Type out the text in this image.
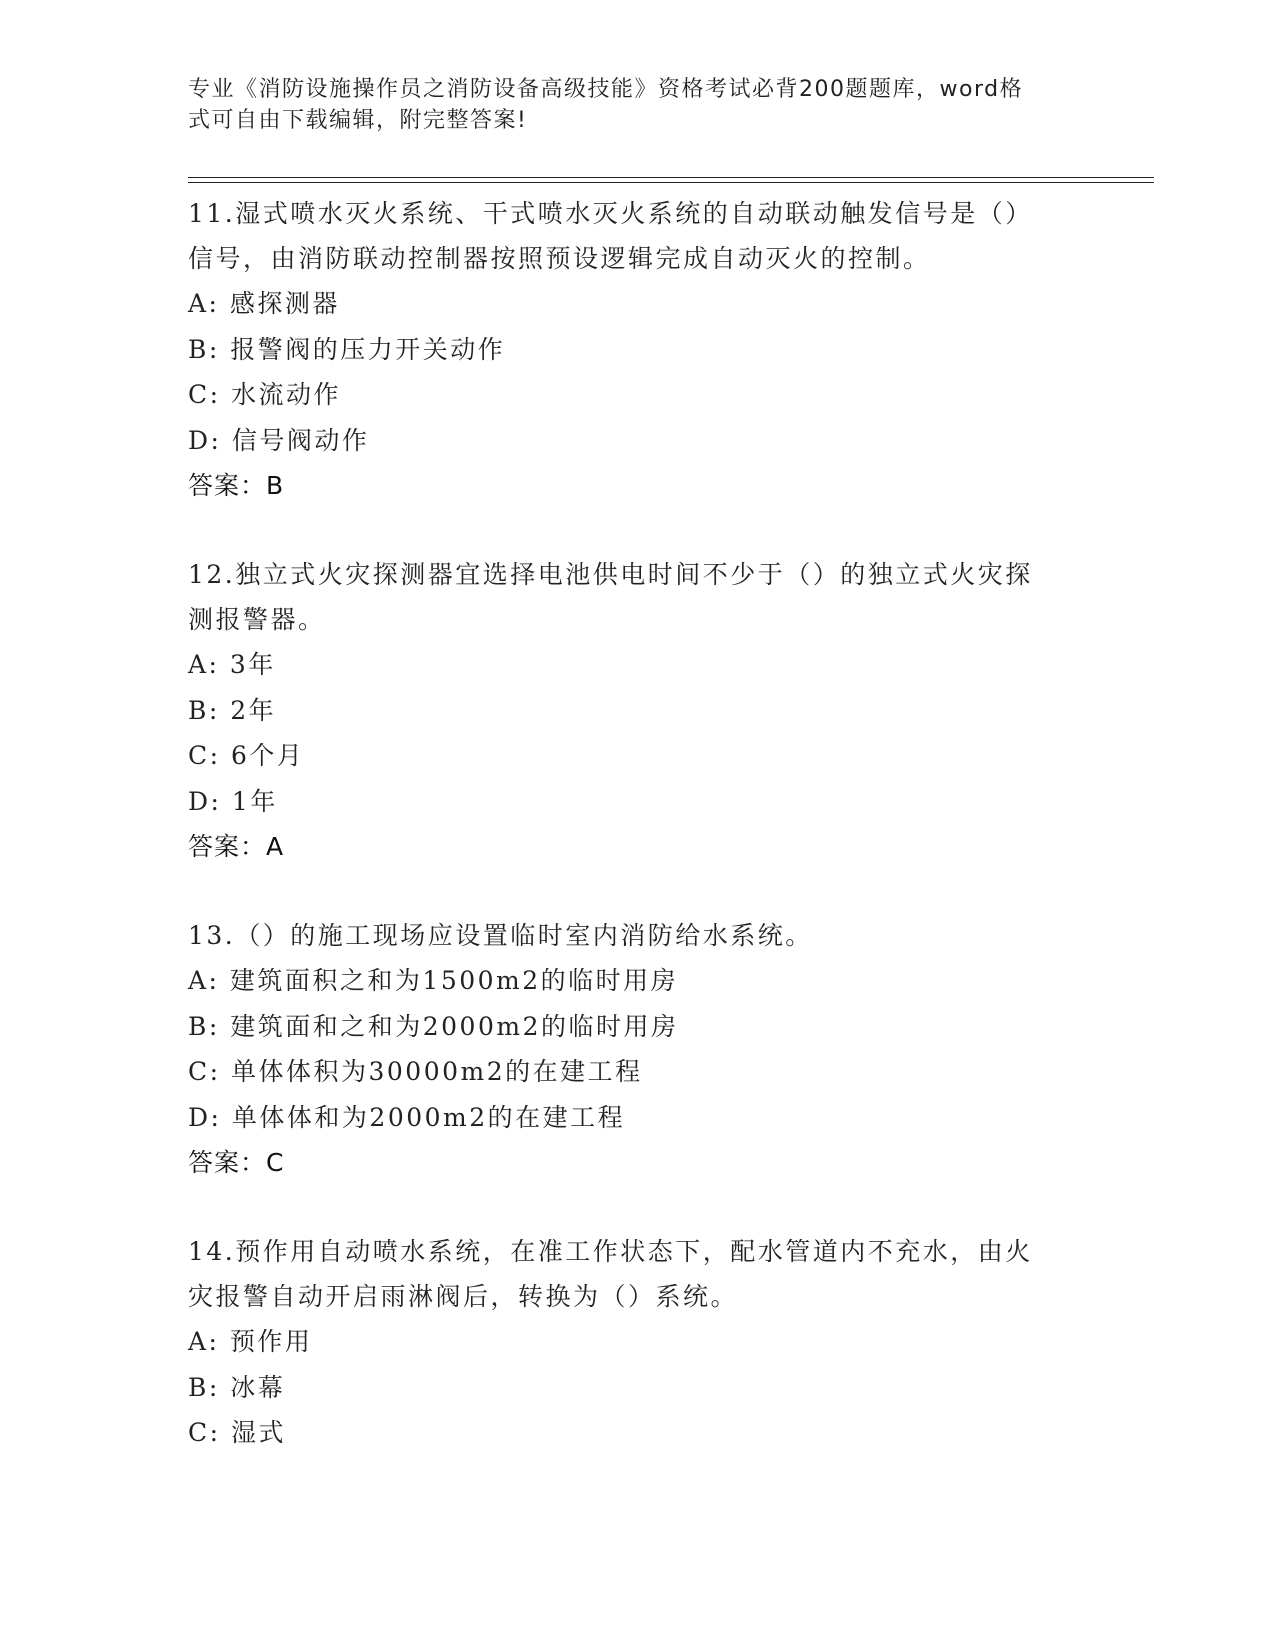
专业《消防设施操作员之消防设备高级技能》资格考试必背200题题库，word格
式可自由下载编辑，附完整答案!
11.湿式喷水灭火系统、干式喷水灭火系统的自动联动触发信号是（）
信号，由消防联动控制器按照预设逻辑完成自动灭火的控制。
A: 感探测器
B: 报警阀的压力开关动作
C: 水流动作
D: 信号阀动作
答案：B
12.独立式火灾探测器宜选择电池供电时间不少于（）的独立式火灾探
测报警器。
A: 3年
B: 2年
C: 6个月
D: 1年
答案：A
13.（）的施工现场应设置临时室内消防给水系统。
A: 建筑面积之和为1500m2的临时用房
B: 建筑面和之和为2000m2的临时用房
C: 单体体积为30000m2的在建工程
D: 单体体和为2000m2的在建工程
答案：C
14.预作用自动喷水系统，在准工作状态下，配水管道内不充水，由火
灾报警自动开启雨淋阀后，转换为（）系统。
A: 预作用
B: 冰幕
C: 湿式
